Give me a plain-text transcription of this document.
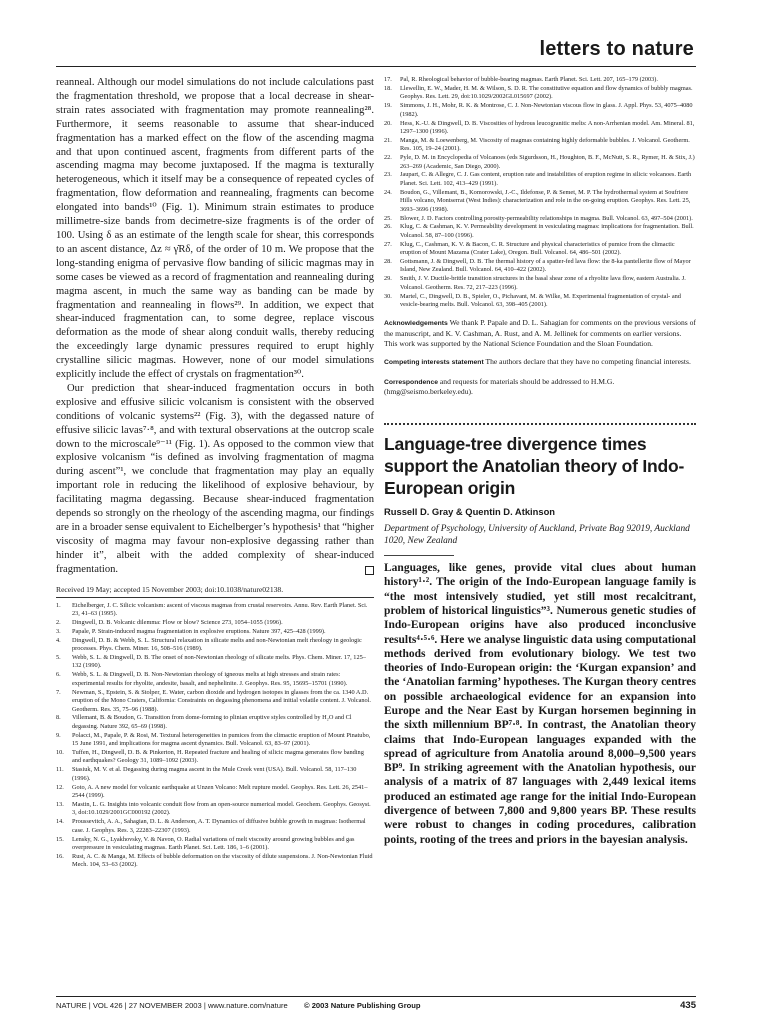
letters to nature

reanneal. Although our model simulations do not include calculations past the fragmentation threshold, we propose that a local decrease in shear-strain rates associated with fragmentation may promote reannealing²⁸. Furthermore, it seems reasonable to assume that shear-induced fragmentation has a marked effect on the flow of the ascending magma and that upon continued ascent, fragments from different parts of the ascending magma may become juxtaposed. If the magma is texturally heterogeneous, which it itself may be a consequence of repeated cycles of fragmentation, flow deformation and reannealing, fragments can become elongated into bands¹⁰ (Fig. 1). Minimum strain estimates to produce millimetre-size bands from decimetre-size fragments is of the order of 100. Using δ as an estimate of the length scale for shear, this corresponds to an ascent distance, Δz ≈ γ̇Rδ, of the order of 10 m. We propose that the long-standing enigma of pervasive flow banding of silicic magmas may in some cases be viewed as a record of fragmentation and reannealing during magma ascent, in much the same way as banding can be made by fragmentation and reannealing in flows²⁹. In addition, we expect that shear-induced fragmentation can, to some degree, replace viscous deformation as the mode of shear along conduit walls, thereby reducing the exceedingly large dynamic pressures required to erupt highly crystalline silicic magmas. However, none of our model simulations explicitly include the effect of crystals on fragmentation³⁰.

Our prediction that shear-induced fragmentation occurs in both explosive and effusive silicic volcanism is consistent with the observed conditions of volcanic systems²² (Fig. 3), with the degassed nature of effusive silicic lavas⁷·⁸, and with textural observations at the outcrop scale down to the microscale⁹⁻¹¹ (Fig. 1). As opposed to the common view that explosive volcanism “is defined as involving fragmentation of magma during ascent”¹, we conclude that fragmentation may play an equally important role in reducing the likelihood of explosive behaviour, by facilitating magma degassing. Because shear-induced fragmentation depends so strongly on the rheology of the ascending magma, our findings are in a broader sense equivalent to Eichelberger’s hypothesis¹ that “higher viscosity of magma may favour non-explosive degassing rather than hinder it”, albeit with the added complexity of shear-induced fragmentation.

Received 19 May; accepted 15 November 2003; doi:10.1038/nature02138.
1.	Eichelberger, J. C. Silicic volcanism: ascent of viscous magmas from crustal reservoirs. Annu. Rev. Earth Planet. Sci. 23, 41–63 (1995).
2.	Dingwell, D. B. Volcanic dilemma: Flow or blow? Science 273, 1054–1055 (1996).
3.	Papale, P. Strain-induced magma fragmentation in explosive eruptions. Nature 397, 425–428 (1999).
4.	Dingwell, D. B. & Webb, S. L. Structural relaxation in silicate melts and non-Newtonian melt rheology in geologic processes. Phys. Chem. Miner. 16, 508–516 (1989).
5.	Webb, S. L. & Dingwell, D. B. The onset of non-Newtonian rheology of silicate melts. Phys. Chem. Miner. 17, 125–132 (1990).
6.	Webb, S. L. & Dingwell, D. B. Non-Newtonian rheology of igneous melts at high stresses and strain rates: experimental results for rhyolite, andesite, basalt, and nephelinite. J. Geophys. Res. 95, 15695–15701 (1990).
7.	Newman, S., Epstein, S. & Stolper, E. Water, carbon dioxide and hydrogen isotopes in glasses from the ca. 1340 A.D. eruption of the Mono Craters, California: Constraints on degassing phenomena and initial volatile content. J. Volcanol. Geotherm. Res. 35, 75–96 (1988).
8.	Villemant, B. & Boudon, G. Transition from dome-forming to plinian eruptive styles controlled by H₂O and Cl degassing. Nature 392, 65–69 (1998).
9.	Polacci, M., Papale, P. & Rosi, M. Textural heterogeneities in pumices from the climactic eruption of Mount Pinatubo, 15 June 1991, and implications for magma ascent dynamics. Bull. Volcanol. 63, 83–97 (2001).
10.	Tuffen, H., Dingwell, D. B. & Pinkerton, H. Repeated fracture and healing of silicic magma generates flow banding and earthquakes? Geology 31, 1089–1092 (2003).
11.	Stasiuk, M. V. et al. Degassing during magma ascent in the Mule Creek vent (USA). Bull. Volcanol. 58, 117–130 (1996).
12.	Goto, A. A new model for volcanic earthquake at Unzen Volcano: Melt rupture model. Geophys. Res. Lett. 26, 2541–2544 (1999).
13.	Mastin, L. G. Insights into volcanic conduit flow from an open-source numerical model. Geochem. Geophys. Geosyst. 3, doi:10.1029/2001GC000192 (2002).
14.	Proussevitch, A. A., Sahagian, D. L. & Anderson, A. T. Dynamics of diffusive bubble growth in magmas: Isothermal case. J. Geophys. Res. 3, 22283–22307 (1993).
15.	Lensky, N. G., Lyakhovsky, V. & Navon, O. Radial variations of melt viscosity around growing bubbles and gas overpressure in vesiculating magmas. Earth Planet. Sci. Lett. 186, 1–6 (2001).
16.	Rust, A. C. & Manga, M. Effects of bubble deformation on the viscosity of dilute suspensions. J. Non-Newtonian Fluid Mech. 104, 53–63 (2002).
17.	Pal, R. Rheological behavior of bubble-bearing magmas. Earth Planet. Sci. Lett. 207, 165–179 (2003).
18.	Llewellin, E. W., Mader, H. M. & Wilson, S. D. R. The constitutive equation and flow dynamics of bubbly magmas. Geophys. Res. Lett. 29, doi:10.1029/2002GL015697 (2002).
19.	Simmons, J. H., Mohr, R. K. & Montrose, C. J. Non-Newtonian viscous flow in glass. J. Appl. Phys. 53, 4075–4080 (1982).
20.	Hess, K.-U. & Dingwell, D. B. Viscosities of hydrous leucogranitic melts: A non-Arrhenian model. Am. Mineral. 81, 1297–1300 (1996).
21.	Manga, M. & Loewenberg, M. Viscosity of magmas containing highly deformable bubbles. J. Volcanol. Geotherm. Res. 105, 19–24 (2001).
22.	Pyle, D. M. in Encyclopedia of Volcanoes (eds Sigurdsson, H., Houghton, B. F., McNutt, S. R., Rymer, H. & Stix, J.) 263–269 (Academic, San Diego, 2000).
23.	Jaupart, C. & Allegre, C. J. Gas content, eruption rate and instabilities of eruption regime in silicic volcanoes. Earth Planet. Sci. Lett. 102, 413–429 (1991).
24.	Boudon, G., Villemant, B., Komorowski, J.-C., Ildefonse, P. & Semet, M. P. The hydrothermal system at Soufriere Hills volcano, Montserrat (West Indies): characterization and role in the on-going eruption. Geophys. Res. Lett. 25, 3693–3696 (1998).
25.	Blower, J. D. Factors controlling porosity-permeability relationships in magma. Bull. Volcanol. 63, 497–504 (2001).
26.	Klug, C. & Cashman, K. V. Permeability development in vesiculating magmas: implications for fragmentation. Bull. Volcanol. 58, 87–100 (1996).
27.	Klug, C., Cashman, K. V. & Bacon, C. R. Structure and physical characteristics of pumice from the climactic eruption of Mount Mazama (Crater Lake), Oregon. Bull. Volcanol. 64, 486–501 (2002).
28.	Gottsmann, J. & Dingwell, D. B. The thermal history of a spatter-fed lava flow: the 8-ka pantellerite flow of Mayor Island, New Zealand. Bull. Volcanol. 64, 410–422 (2002).
29.	Smith, J. V. Ductile-brittle transition structures in the basal shear zone of a rhyolite lava flow, eastern Australia. J. Volcanol. Geotherm. Res. 72, 217–223 (1996).
30.	Martel, C., Dingwell, D. B., Spieler, O., Pichavant, M. & Wilke, M. Experimental fragmentation of crystal- and vesicle-bearing melts. Bull. Volcanol. 63, 398–405 (2001).
Acknowledgements We thank P. Papale and D. L. Sahagian for comments on the previous versions of the manuscript, and K. V. Cashman, A. Rust, and A. M. Jellinek for comments on earlier versions. This work was supported by the National Science Foundation and the Sloan Foundation.
Competing interests statement The authors declare that they have no competing financial interests.
Correspondence and requests for materials should be addressed to H.M.G. (hmg@seismo.berkeley.edu).
Language-tree divergence times support the Anatolian theory of Indo-European origin
Russell D. Gray & Quentin D. Atkinson
Department of Psychology, University of Auckland, Private Bag 92019, Auckland 1020, New Zealand
Languages, like genes, provide vital clues about human history¹·². The origin of the Indo-European language family is “the most intensively studied, yet still most recalcitrant, problem of historical linguistics”³. Numerous genetic studies of Indo-European origins have also produced inconclusive results⁴·⁵·⁶. Here we analyse linguistic data using computational methods derived from evolutionary biology. We test two theories of Indo-European origin: the ‘Kurgan expansion’ and the ‘Anatolian farming’ hypotheses. The Kurgan theory centres on possible archaeological evidence for an expansion into Europe and the Near East by Kurgan horsemen beginning in the sixth millennium BP⁷·⁸. In contrast, the Anatolian theory claims that Indo-European languages expanded with the spread of agriculture from Anatolia around 8,000–9,500 years BP⁹. In striking agreement with the Anatolian hypothesis, our analysis of a matrix of 87 languages with 2,449 lexical items produced an estimated age range for the initial Indo-European divergence of between 7,800 and 9,800 years BP. These results were robust to changes in coding procedures, calibration points, rooting of the trees and priors in the bayesian analysis.
NATURE | VOL 426 | 27 NOVEMBER 2003 | www.nature.com/nature © 2003 Nature Publishing Group	435
